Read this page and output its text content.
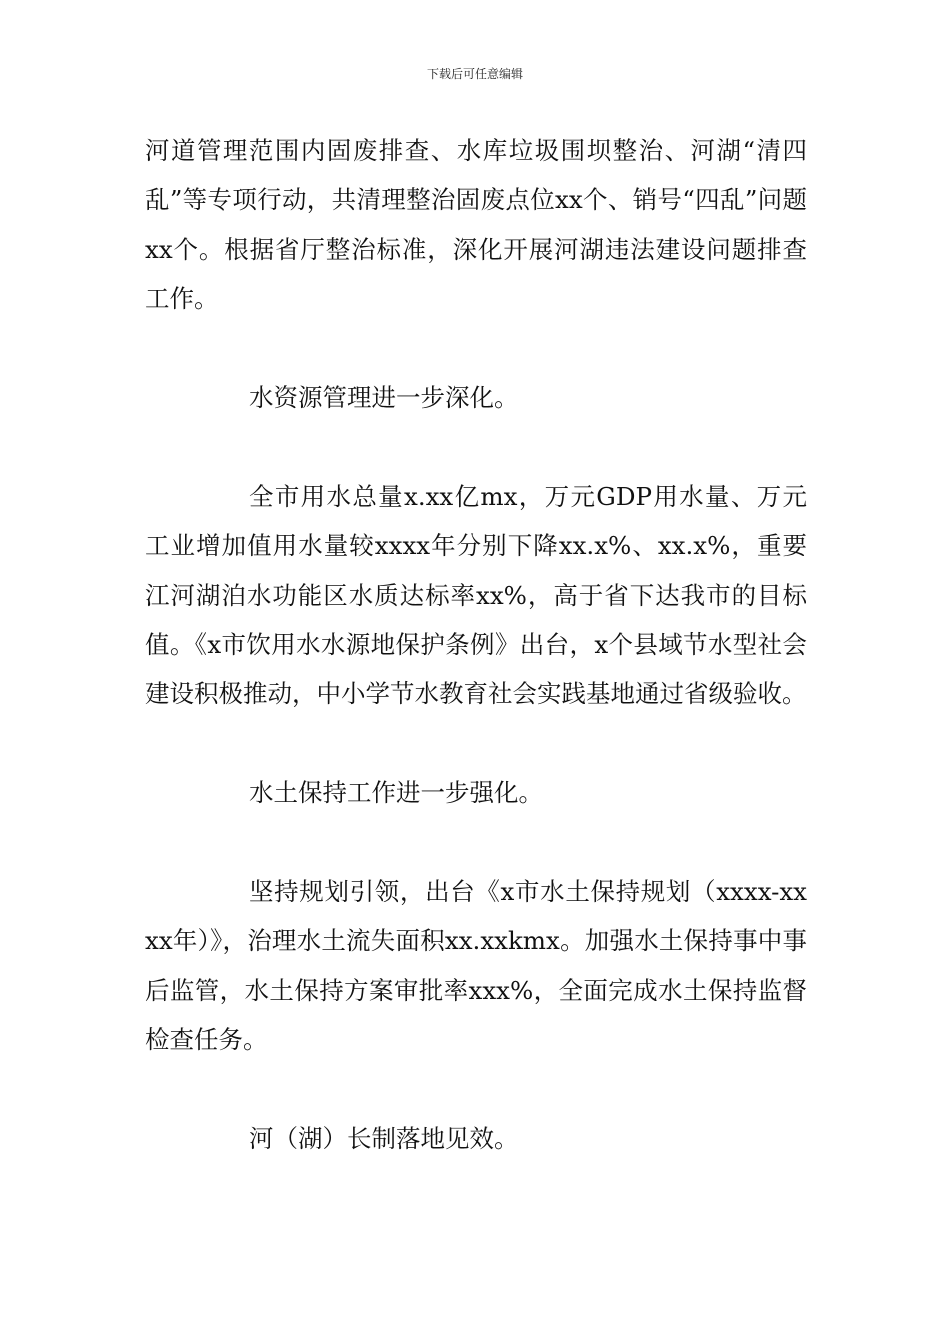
下载后可任意编辑

河道管理范围内固废排查、水库垃圾围坝整治、河湖“清四乱”等专项行动，共清理整治固废点位xx个、销号“四乱”问题xx个。根据省厅整治标准，深化开展河湖违法建设问题排查工作。

水资源管理进一步深化。

全市用水总量x.xx亿mx，万元GDP用水量、万元工业增加值用水量较xxxx年分别下降xx.x%、xx.x%，重要江河湖泊水功能区水质达标率xx%，高于省下达我市的目标值。《x市饮用水水源地保护条例》出台，x个县域节水型社会建设积极推动，中小学节水教育社会实践基地通过省级验收。

水土保持工作进一步强化。

坚持规划引领，出台《x市水土保持规划（xxxx-xxxx年）》，治理水土流失面积xx.xxkmx。加强水土保持事中事后监管，水土保持方案审批率xxx%，全面完成水土保持监督检查任务。

河（湖）长制落地见效。
